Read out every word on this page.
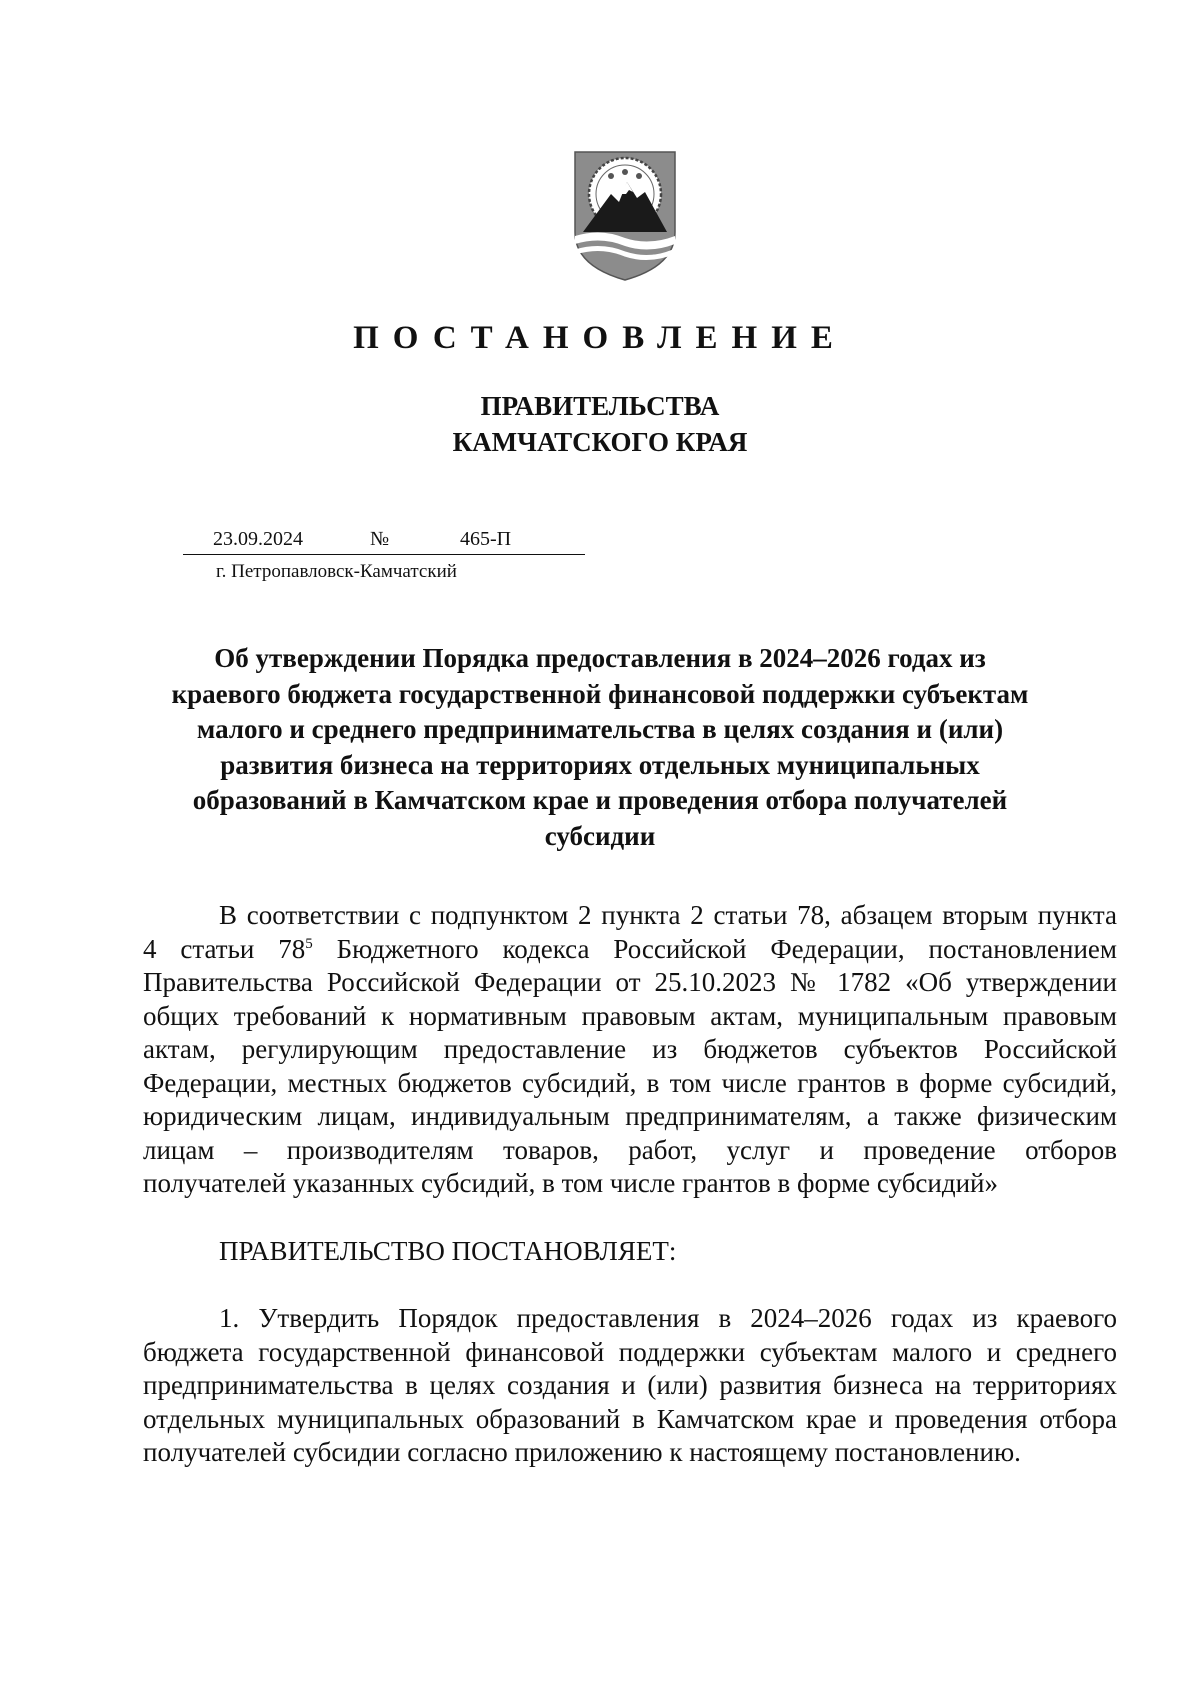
ПОСТАНОВЛЕНИЕ
ПРАВИТЕЛЬСТВА
КАМЧАТСКОГО КРАЯ
23.09.2024	№	465-П
г. Петропавловск-Камчатский
Об утверждении Порядка предоставления в 2024–2026 годах из
краевого бюджета государственной финансовой поддержки субъектам
малого и среднего предпринимательства в целях создания и (или)
развития бизнеса на территориях отдельных муниципальных
образований в Камчатском крае и проведения отбора получателей
субсидии
В соответствии с подпунктом 2 пункта 2 статьи 78, абзацем вторым пункта
4 статьи $78^5$ Бюджетного кодекса Российской Федерации, постановлением
Правительства Российской Федерации от 25.10.2023 № 1782 «Об утверждении
общих требований к нормативным правовым актам, муниципальным правовым
актам, регулирующим предоставление из бюджетов субъектов Российской
Федерации, местных бюджетов субсидий, в том числе грантов в форме субсидий,
юридическим лицам, индивидуальным предпринимателям, а также физическим
лицам – производителям товаров, работ, услуг и проведение отборов
получателей указанных субсидий, в том числе грантов в форме субсидий»
ПРАВИТЕЛЬСТВО ПОСТАНОВЛЯЕТ:
1. Утвердить Порядок предоставления в 2024–2026 годах из краевого
бюджета государственной финансовой поддержки субъектам малого и среднего
предпринимательства в целях создания и (или) развития бизнеса на территориях
отдельных муниципальных образований в Камчатском крае и проведения отбора
получателей субсидии согласно приложению к настоящему постановлению.
